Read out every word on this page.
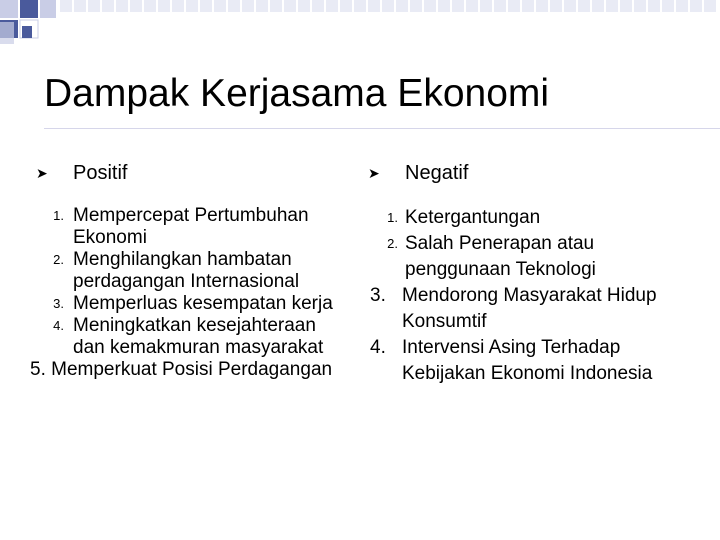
Dampak Kerjasama Ekonomi
➤ Positif
1. Mempercepat Pertumbuhan Ekonomi
2. Menghilangkan hambatan perdagangan Internasional
3. Memperluas kesempatan kerja
4. Meningkatkan kesejahteraan dan kemakmuran masyarakat
5. Memperkuat Posisi Perdagangan
➤ Negatif
1. Ketergantungan
2. Salah Penerapan atau penggunaan Teknologi
3. Mendorong Masyarakat Hidup Konsumtif
4. Intervensi Asing Terhadap Kebijakan Ekonomi Indonesia
